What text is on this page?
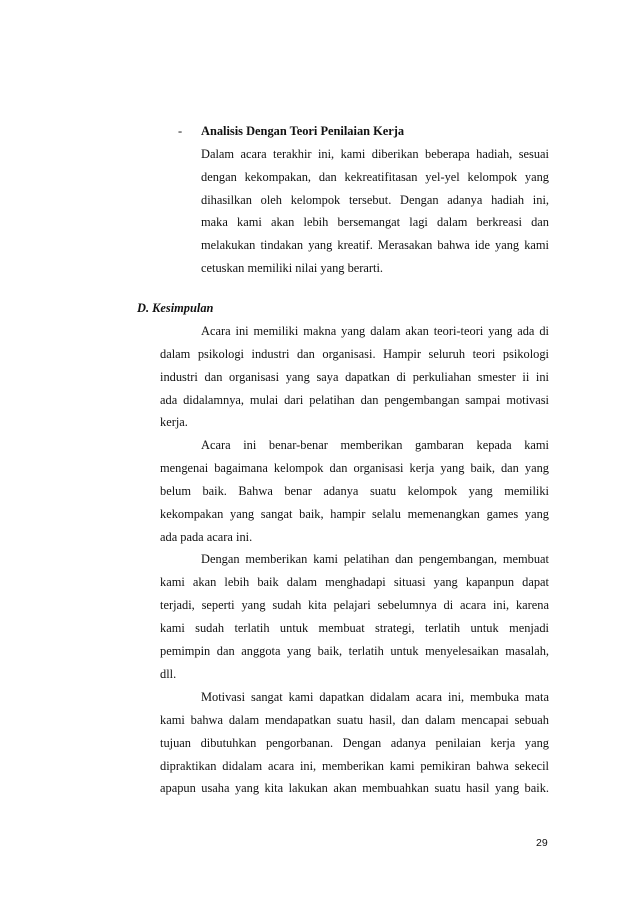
- Analisis Dengan Teori Penilaian Kerja
Dalam acara terakhir ini, kami diberikan beberapa hadiah, sesuai
dengan kekompakan, dan kekreatifitasan yel-yel kelompok yang
dihasilkan oleh kelompok tersebut. Dengan adanya hadiah ini,
maka kami akan lebih bersemangat lagi dalam berkreasi dan
melakukan tindakan yang kreatif. Merasakan bahwa ide yang kami
cetuskan memiliki nilai yang berarti.
D. Kesimpulan
Acara ini memiliki makna yang dalam akan teori-teori yang ada di
dalam psikologi industri dan organisasi. Hampir seluruh teori psikologi
industri dan organisasi yang saya dapatkan di perkuliahan smester ii ini
ada didalamnya, mulai dari pelatihan dan pengembangan sampai motivasi
kerja.
Acara ini benar-benar memberikan gambaran kepada kami
mengenai bagaimana kelompok dan organisasi kerja yang baik, dan yang
belum baik. Bahwa benar adanya suatu kelompok yang memiliki
kekompakan yang sangat baik, hampir selalu memenangkan games yang
ada pada acara ini.
Dengan memberikan kami pelatihan dan pengembangan, membuat
kami akan lebih baik dalam menghadapi situasi yang kapanpun dapat
terjadi, seperti yang sudah kita pelajari sebelumnya di acara ini, karena
kami sudah terlatih untuk membuat strategi, terlatih untuk menjadi
pemimpin dan anggota yang baik, terlatih untuk menyelesaikan masalah,
dll.
Motivasi sangat kami dapatkan didalam acara ini, membuka mata
kami bahwa dalam mendapatkan suatu hasil, dan dalam mencapai sebuah
tujuan dibutuhkan pengorbanan. Dengan adanya penilaian kerja yang
dipraktikan didalam acara ini, memberikan kami pemikiran bahwa sekecil
apapun usaha yang kita lakukan akan membuahkan suatu hasil yang baik.
29
